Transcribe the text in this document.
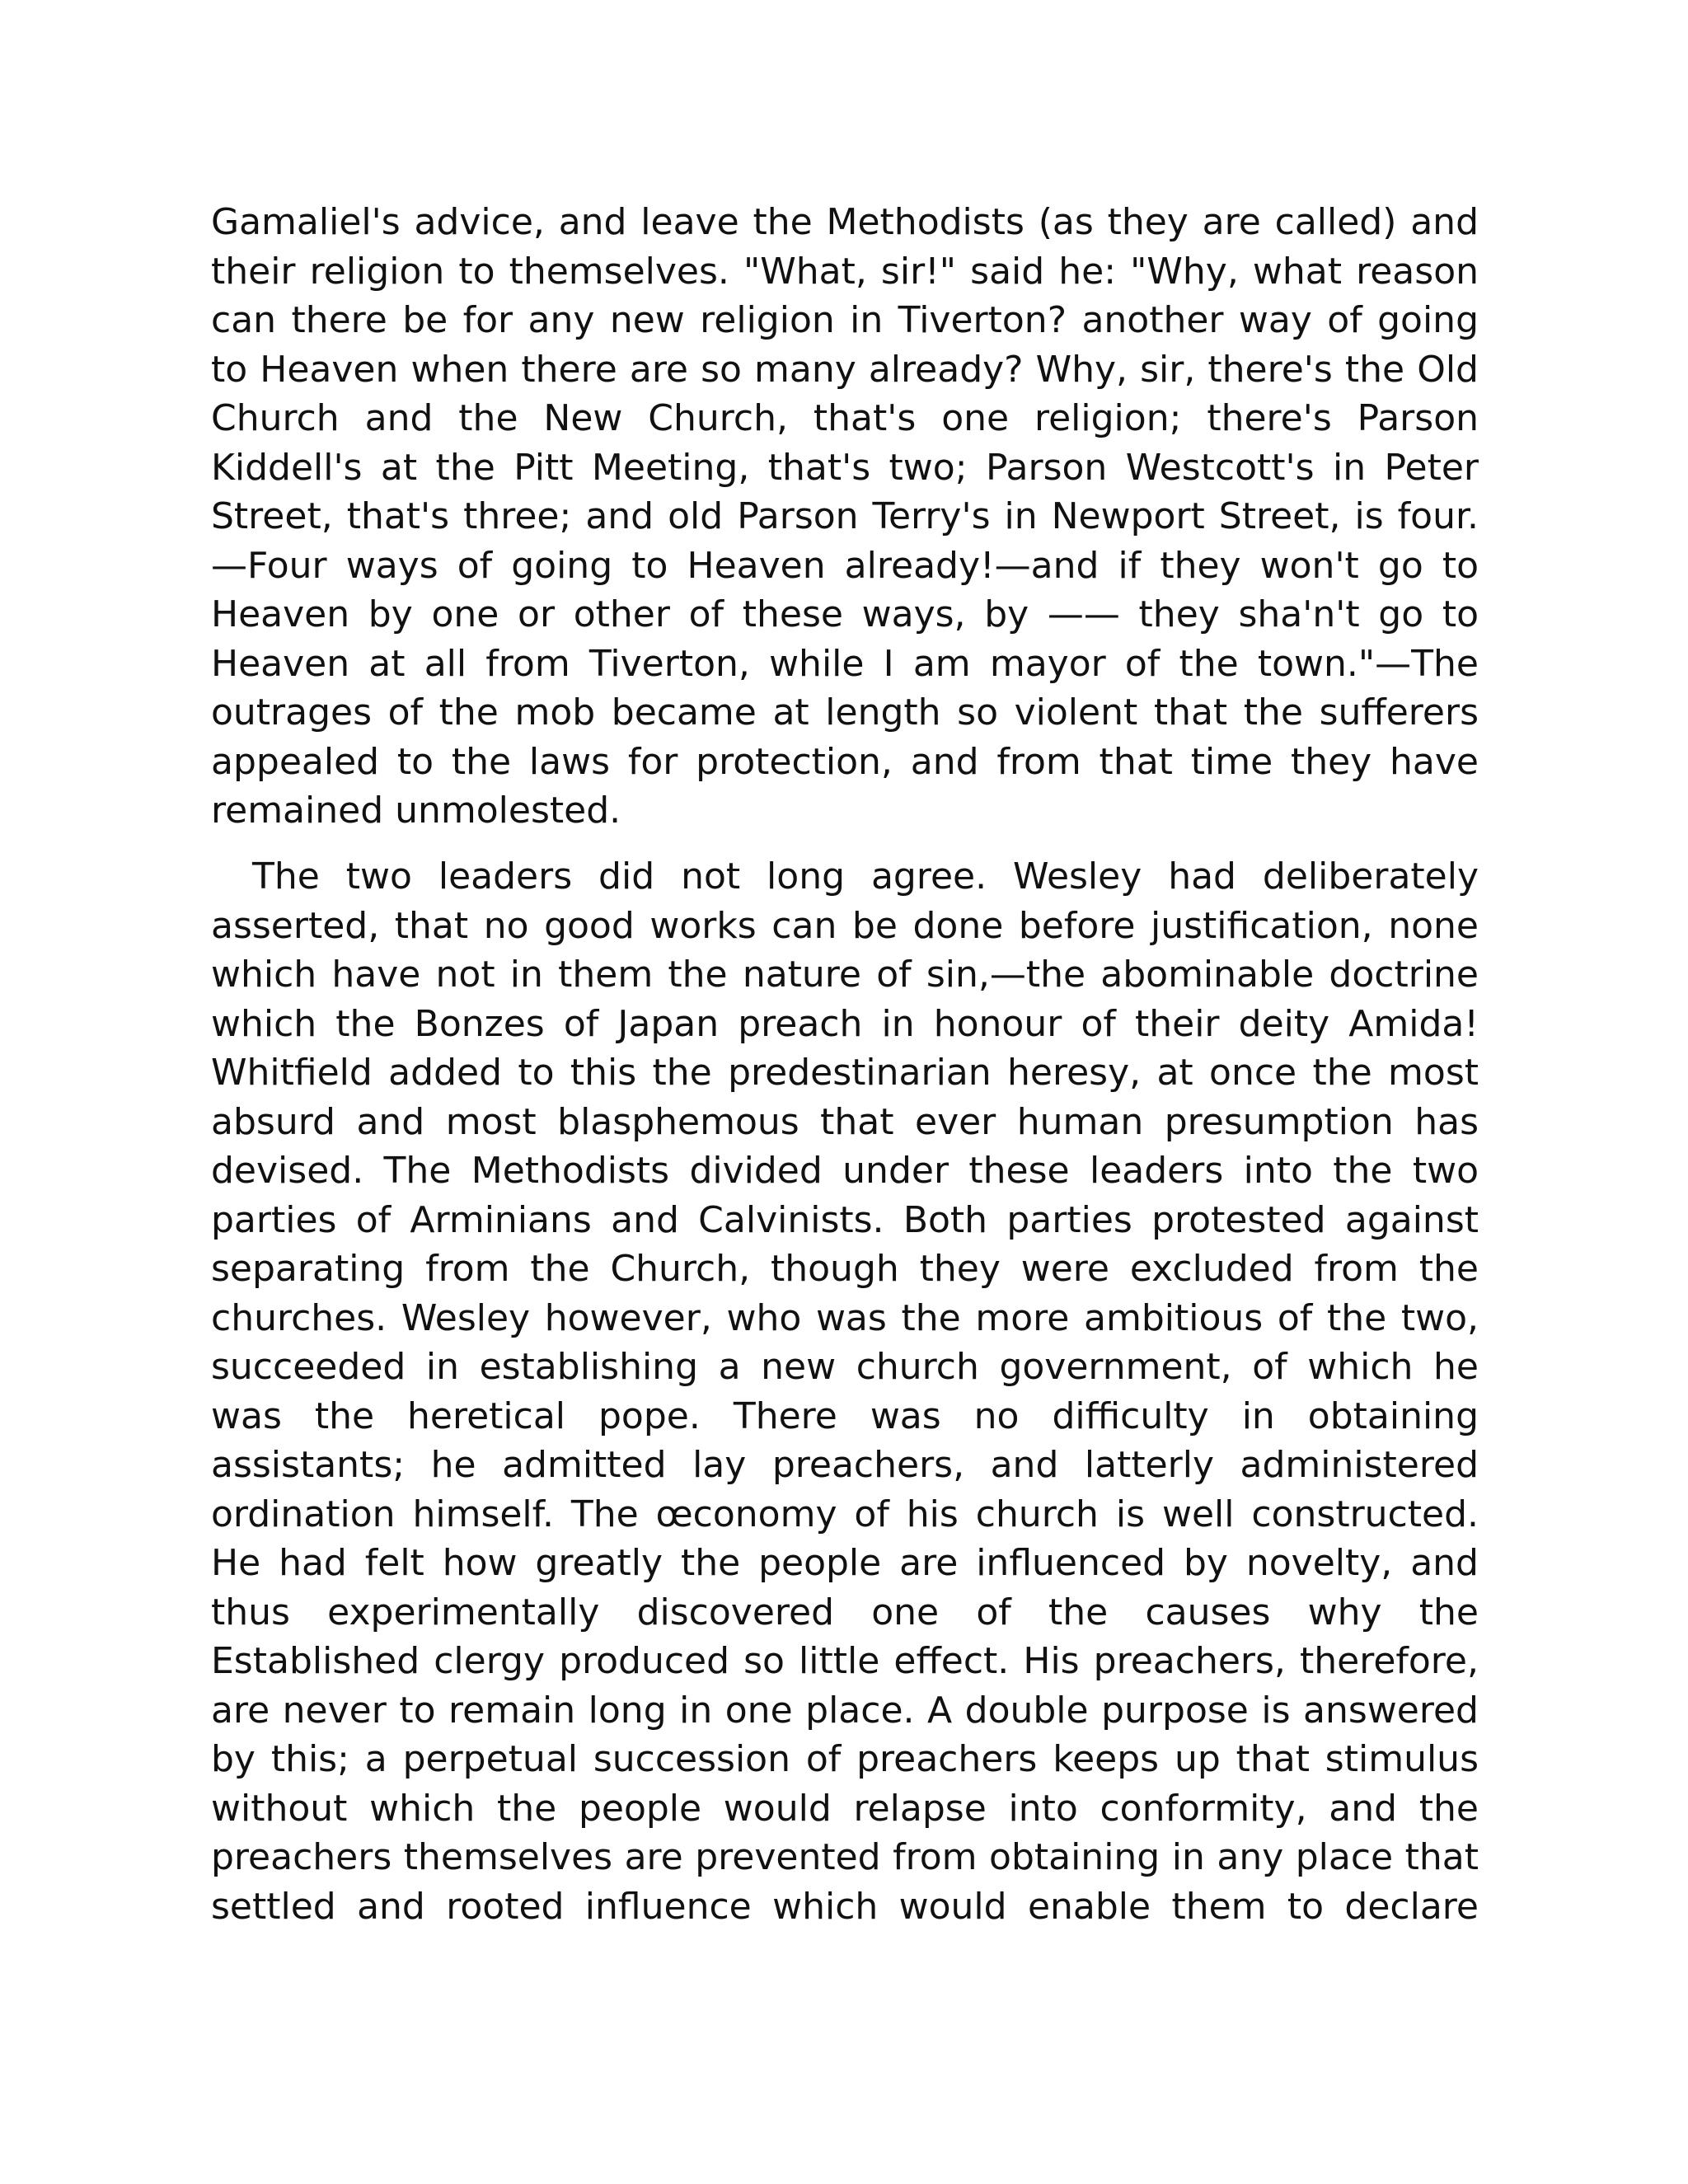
Gamaliel's advice, and leave the Methodists (as they are called) and
their religion to themselves. "What, sir!" said he: "Why, what reason
can there be for any new religion in Tiverton? another way of going
to Heaven when there are so many already? Why, sir, there's the Old
Church and the New Church, that's one religion; there's Parson
Kiddell's at the Pitt Meeting, that's two; Parson Westcott's in Peter
Street, that's three; and old Parson Terry's in Newport Street, is four.
—Four ways of going to Heaven already!—and if they won't go to
Heaven by one or other of these ways, by —— they sha'n't go to
Heaven at all from Tiverton, while I am mayor of the town."—The
outrages of the mob became at length so violent that the sufferers
appealed to the laws for protection, and from that time they have
remained unmolested.
The two leaders did not long agree. Wesley had deliberately
asserted, that no good works can be done before justification, none
which have not in them the nature of sin,—the abominable doctrine
which the Bonzes of Japan preach in honour of their deity Amida!
Whitfield added to this the predestinarian heresy, at once the most
absurd and most blasphemous that ever human presumption has
devised. The Methodists divided under these leaders into the two
parties of Arminians and Calvinists. Both parties protested against
separating from the Church, though they were excluded from the
churches. Wesley however, who was the more ambitious of the two,
succeeded in establishing a new church government, of which he
was the heretical pope. There was no difficulty in obtaining
assistants; he admitted lay preachers, and latterly administered
ordination himself. The œconomy of his church is well constructed.
He had felt how greatly the people are influenced by novelty, and
thus experimentally discovered one of the causes why the
Established clergy produced so little effect. His preachers, therefore,
are never to remain long in one place. A double purpose is answered
by this; a perpetual succession of preachers keeps up that stimulus
without which the people would relapse into conformity, and the
preachers themselves are prevented from obtaining in any place that
settled and rooted influence which would enable them to declare
